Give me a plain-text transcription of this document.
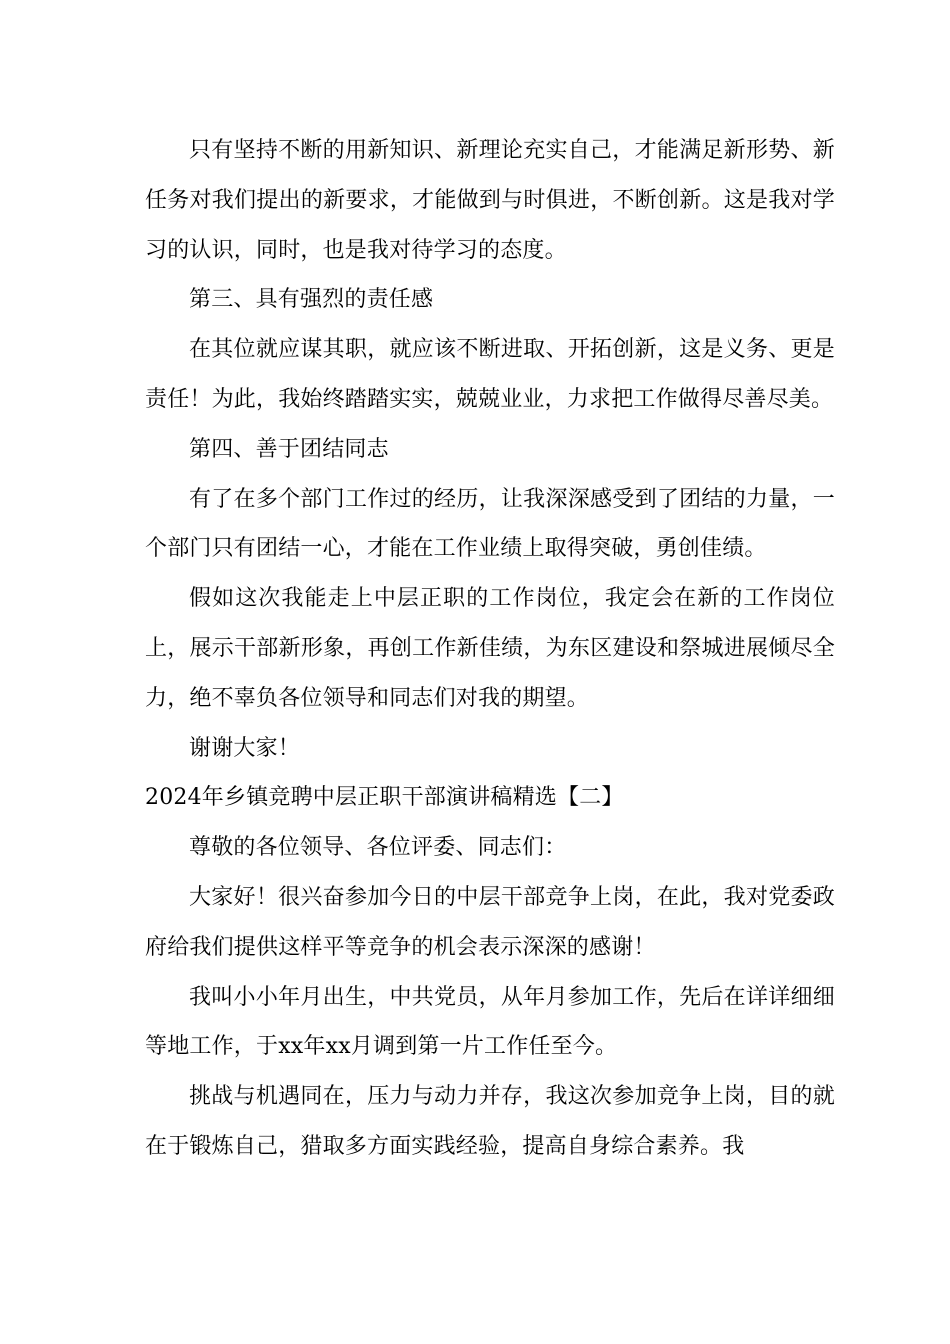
只有坚持不断的用新知识、新理论充实自己，才能满足新形势、新任务对我们提出的新要求，才能做到与时俱进，不断创新。这是我对学习的认识，同时，也是我对待学习的态度。

第三、具有强烈的责任感

在其位就应谋其职，就应该不断进取、开拓创新，这是义务、更是责任！为此，我始终踏踏实实，兢兢业业，力求把工作做得尽善尽美。

第四、善于团结同志

有了在多个部门工作过的经历，让我深深感受到了团结的力量，一个部门只有团结一心，才能在工作业绩上取得突破，勇创佳绩。

假如这次我能走上中层正职的工作岗位，我定会在新的工作岗位上，展示干部新形象，再创工作新佳绩，为东区建设和祭城进展倾尽全力，绝不辜负各位领导和同志们对我的期望。

谢谢大家！

2024年乡镇竞聘中层正职干部演讲稿精选【二】

尊敬的各位领导、各位评委、同志们：

大家好！很兴奋参加今日的中层干部竞争上岗，在此，我对党委政府给我们提供这样平等竞争的机会表示深深的感谢！

我叫小小年月出生，中共党员，从年月参加工作，先后在详详细细等地工作，于xx年xx月调到第一片工作任至今。

挑战与机遇同在，压力与动力并存，我这次参加竞争上岗，目的就在于锻炼自己，猎取多方面实践经验，提高自身综合素养。我
